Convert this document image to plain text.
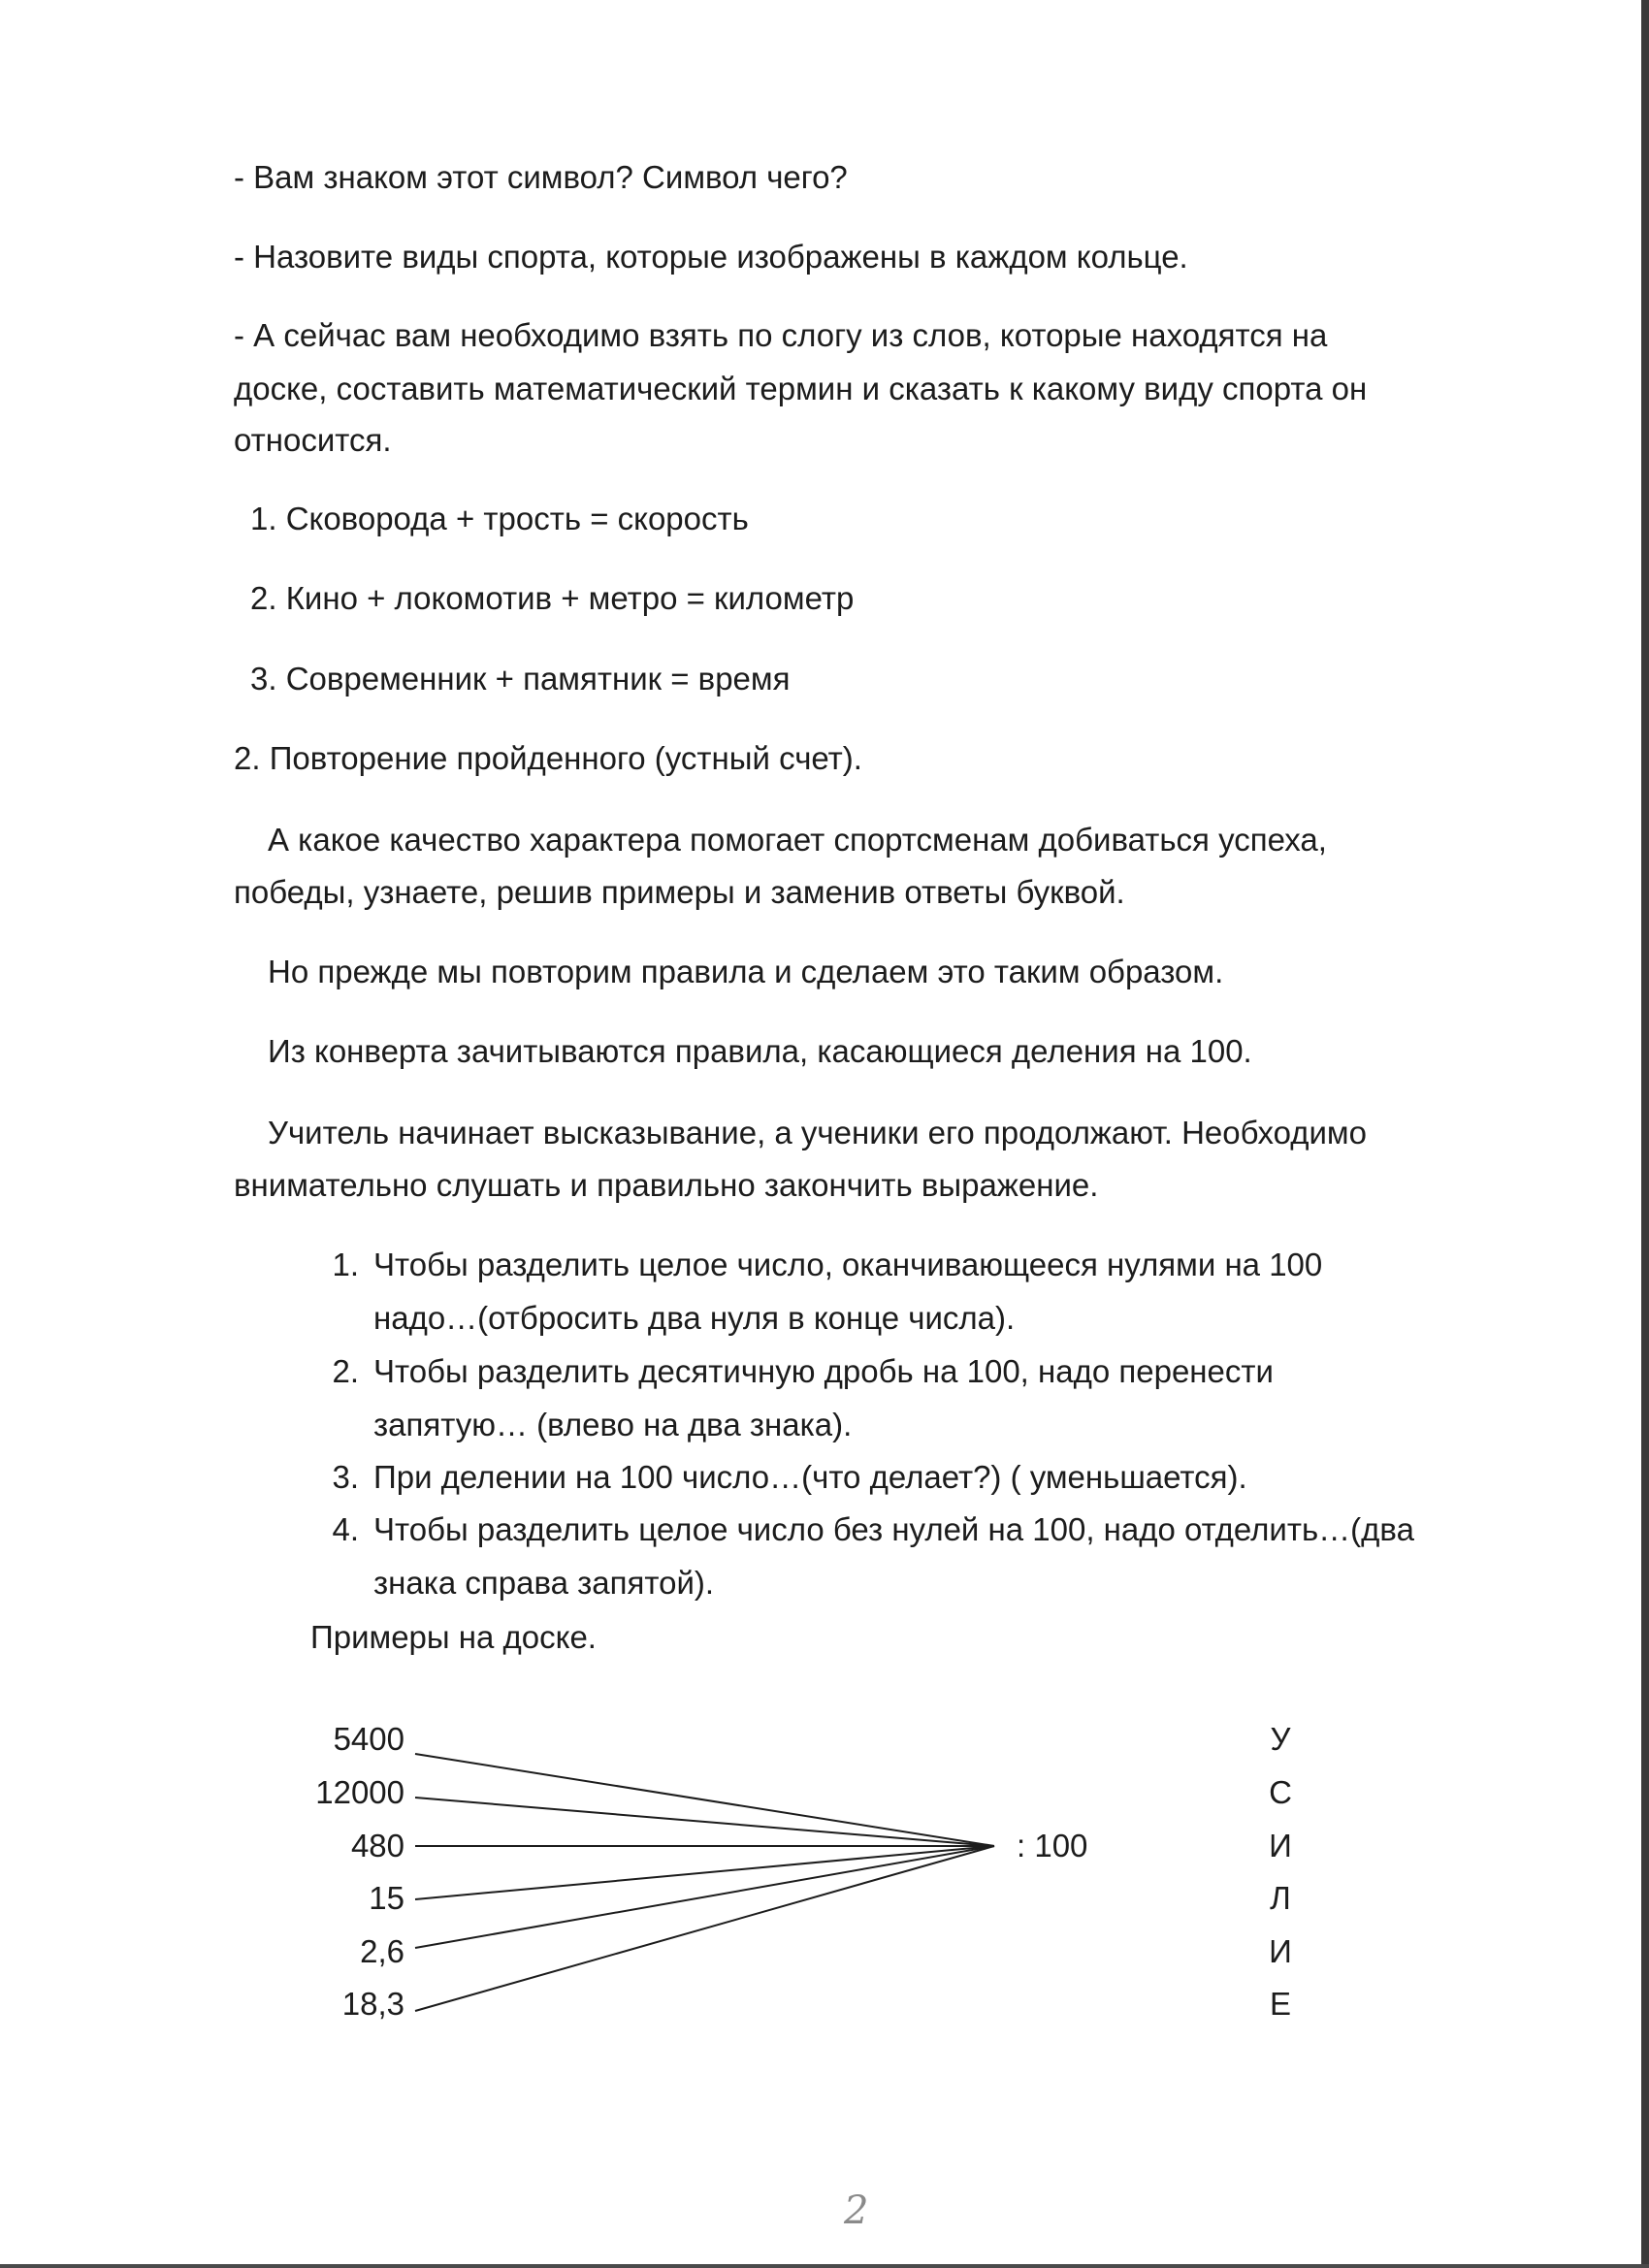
- Вам знаком этот символ? Символ чего?

- Назовите виды спорта, которые изображены в каждом кольце.

- А сейчас вам необходимо взять по слогу из слов, которые находятся на

доске, составить математический термин и сказать к какому виду спорта он

относится.

1. Сковорода + трость = скорость

2. Кино + локомотив + метро = километр

3. Современник + памятник = время

2. Повторение пройденного (устный счет).

А какое качество характера помогает спортсменам добиваться успеха,

победы, узнаете, решив примеры и заменив ответы буквой.

Но прежде мы повторим правила и сделаем это таким образом.

Из конверта зачитываются правила, касающиеся деления на 100.

Учитель начинает высказывание, а ученики его продолжают. Необходимо

внимательно слушать и правильно закончить выражение.

1. Чтобы разделить целое число, оканчивающееся нулями на 100
надо…(отбросить два нуля в конце числа).
2. Чтобы разделить десятичную дробь на 100, надо перенести
запятую… (влево на два знака).
3. При делении на 100 число…(что делает?) ( уменьшается).
4. Чтобы разделить целое число без нулей на 100, надо отделить…(два
знака справа запятой).

Примеры на доске.

5400
12000
480
15
2,6
18,3
: 100
У
С
И
Л
И
Е
2
